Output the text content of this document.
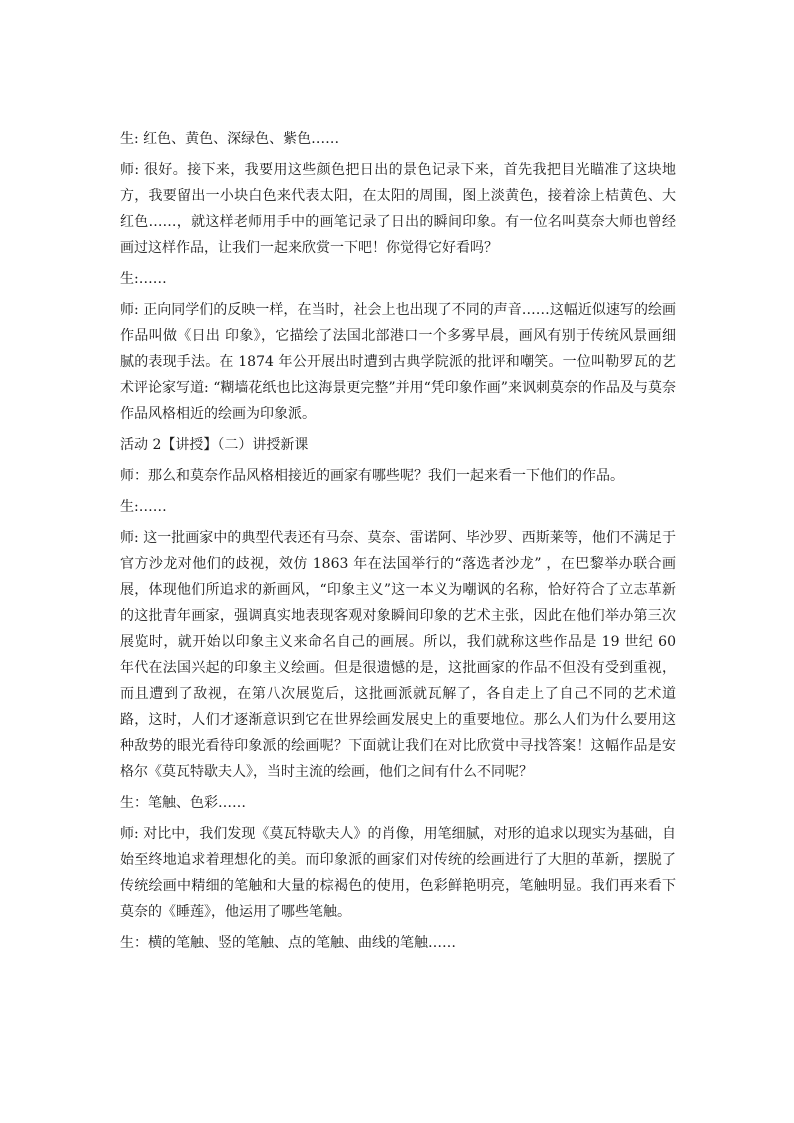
生: 红色、黄色、深绿色、紫色……

师: 很好。接下来，我要用这些颜色把日出的景色记录下来，首先我把目光瞄准了这块地方，我要留出一小块白色来代表太阳，在太阳的周围，图上淡黄色，接着涂上桔黄色、大红色……，就这样老师用手中的画笔记录了日出的瞬间印象。有一位名叫莫奈大师也曾经画过这样作品，让我们一起来欣赏一下吧！你觉得它好看吗？

生:……

师: 正向同学们的反映一样，在当时，社会上也出现了不同的声音……这幅近似速写的绘画作品叫做《日出 印象》，它描绘了法国北部港口一个多雾早晨，画风有别于传统风景画细腻的表现手法。在 1874 年公开展出时遭到古典学院派的批评和嘲笑。一位叫勒罗瓦的艺术评论家写道: “糊墙花纸也比这海景更完整”并用“凭印象作画”来讽刺莫奈的作品及与莫奈作品风格相近的绘画为印象派。

活动 2【讲授】（二）讲授新课

师：那么和莫奈作品风格相接近的画家有哪些呢？我们一起来看一下他们的作品。

生:……

师: 这一批画家中的典型代表还有马奈、莫奈、雷诺阿、毕沙罗、西斯莱等，他们不满足于官方沙龙对他们的歧视，效仿 1863 年在法国举行的“落选者沙龙” ，在巴黎举办联合画展，体现他们所追求的新画风，“印象主义”这一本义为嘲讽的名称，恰好符合了立志革新的这批青年画家，强调真实地表现客观对象瞬间印象的艺术主张，因此在他们举办第三次展览时，就开始以印象主义来命名自己的画展。所以，我们就称这些作品是 19 世纪 60 年代在法国兴起的印象主义绘画。但是很遗憾的是，这批画家的作品不但没有受到重视，而且遭到了敌视，在第八次展览后，这批画派就瓦解了，各自走上了自己不同的艺术道路，这时，人们才逐渐意识到它在世界绘画发展史上的重要地位。那么人们为什么要用这种敌势的眼光看待印象派的绘画呢？下面就让我们在对比欣赏中寻找答案！这幅作品是安格尔《莫瓦特歇夫人》，当时主流的绘画，他们之间有什么不同呢？

生：笔触、色彩……

师: 对比中，我们发现《莫瓦特歇夫人》的肖像，用笔细腻，对形的追求以现实为基础，自始至终地追求着理想化的美。而印象派的画家们对传统的绘画进行了大胆的革新，摆脱了传统绘画中精细的笔触和大量的棕褐色的使用，色彩鲜艳明亮，笔触明显。我们再来看下莫奈的《睡莲》，他运用了哪些笔触。

生：横的笔触、竖的笔触、点的笔触、曲线的笔触……
